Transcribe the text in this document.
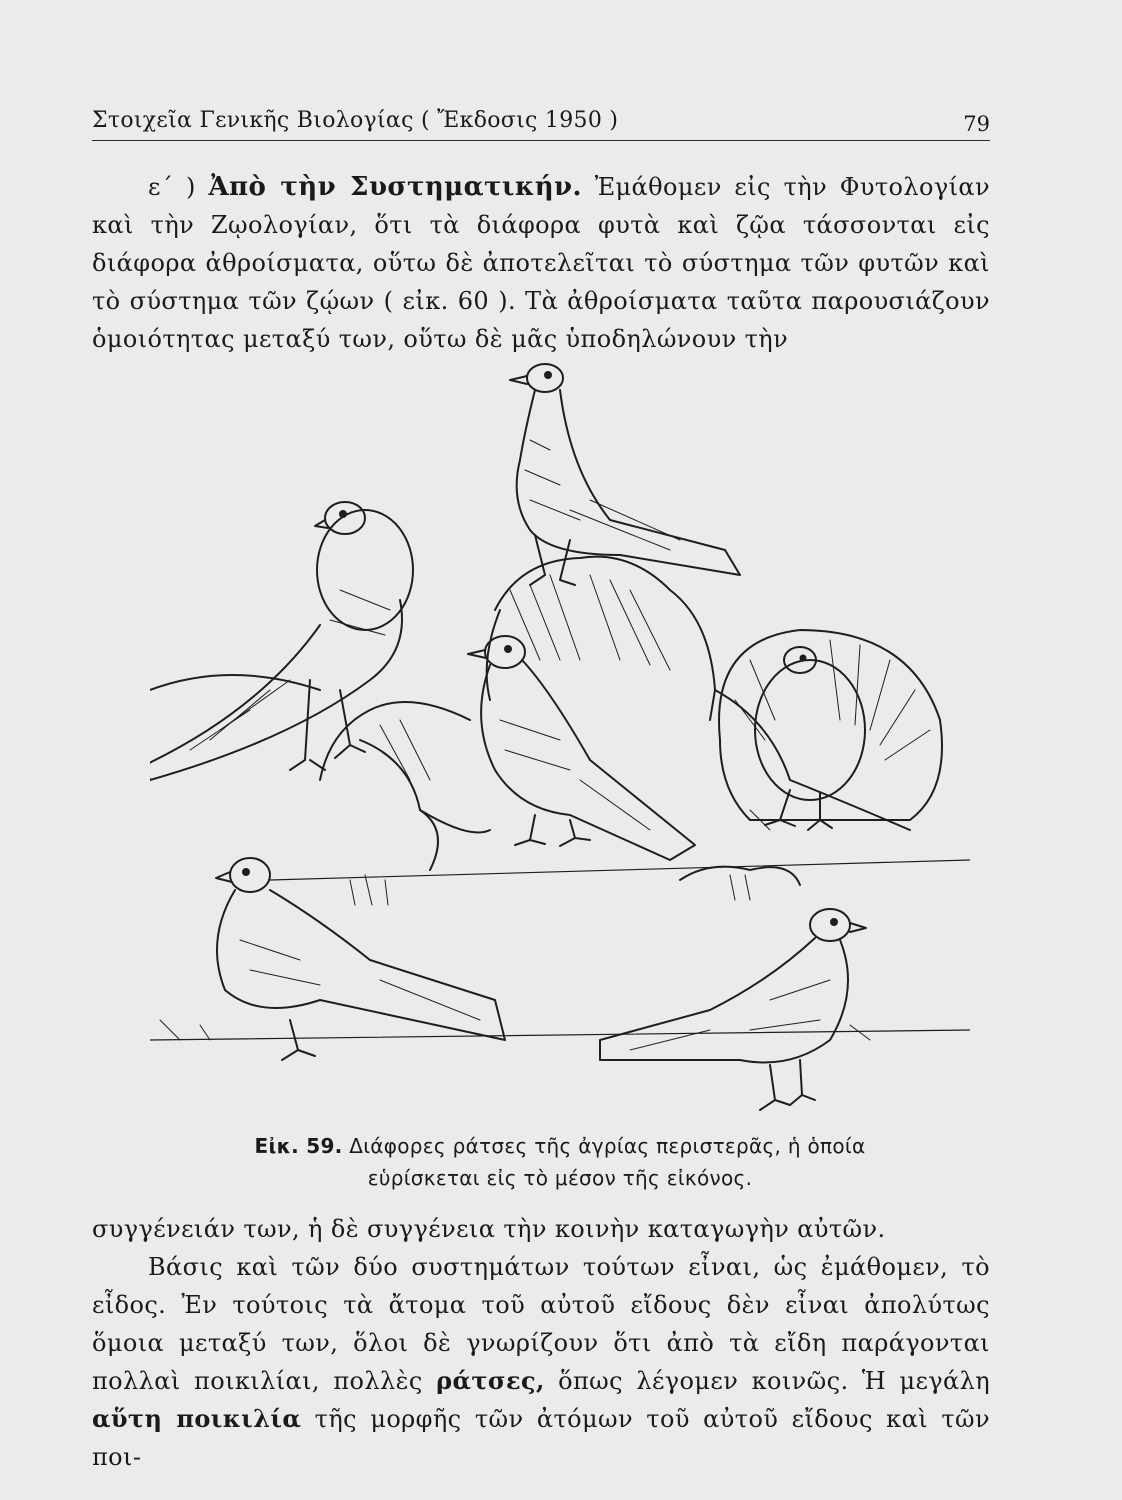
Στοιχεῖα Γενικῆς Βιολογίας ( Ἔκδοσις 1950 )	79

ε΄ ) Ἀπὸ τὴν Συστηματικήν. Ἐμάθομεν εἰς τὴν Φυτολογίαν καὶ τὴν Ζῳολογίαν, ὅτι τὰ διάφορα φυτὰ καὶ ζῷα τάσσονται εἰς διάφορα ἀθροίσματα, οὕτω δὲ ἀποτελεῖται τὸ σύστημα τῶν φυτῶν καὶ τὸ σύστημα τῶν ζῴων ( εἰκ. 60 ). Τὰ ἀθροίσματα ταῦτα παρουσιάζουν ὁμοιότητας μεταξύ των, οὕτω δὲ μᾶς ὑποδηλώνουν τὴν

Εἰκ. 59. Διάφορες ράτσες τῆς ἀγρίας περιστερᾶς, ἡ ὁποία
εὑρίσκεται εἰς τὸ μέσον τῆς εἰκόνος.

συγγένειάν των, ἡ δὲ συγγένεια τὴν κοινὴν καταγωγὴν αὐτῶν.

Βάσις καὶ τῶν δύο συστημάτων τούτων εἶναι, ὡς ἐμάθομεν, τὸ εἶδος. Ἐν τούτοις τὰ ἄτομα τοῦ αὐτοῦ εἴδους δὲν εἶναι ἀπολύτως ὅμοια μεταξύ των, ὅλοι δὲ γνωρίζουν ὅτι ἀπὸ τὰ εἴδη παράγονται πολλαὶ ποικιλίαι, πολλὲς ράτσες, ὅπως λέγομεν κοινῶς. Ἡ μεγάλη αὕτη ποικιλία τῆς μορφῆς τῶν ἀτόμων τοῦ αὐτοῦ εἴδους καὶ τῶν ποι-
